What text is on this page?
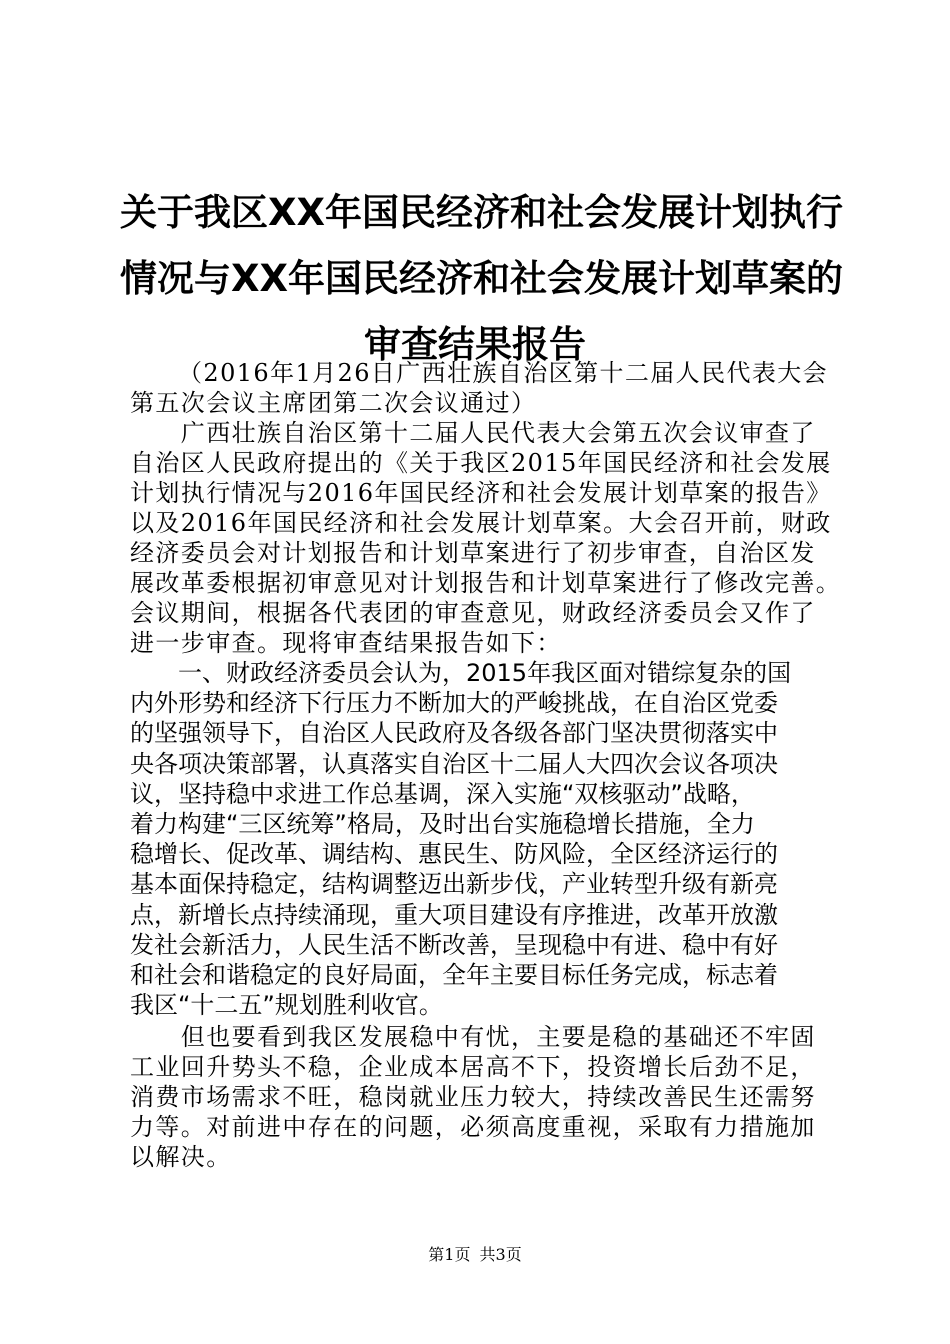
关于我区XX年国民经济和社会发展计划执行
情况与XX年国民经济和社会发展计划草案的
审查结果报告

（2016年1月26日广西壮族自治区第十二届人民代表大会
第五次会议主席团第二次会议通过）

　　广西壮族自治区第十二届人民代表大会第五次会议审查了
自治区人民政府提出的《关于我区2015年国民经济和社会发展
计划执行情况与2016年国民经济和社会发展计划草案的报告》
以及2016年国民经济和社会发展计划草案。大会召开前，财政
经济委员会对计划报告和计划草案进行了初步审查，自治区发
展改革委根据初审意见对计划报告和计划草案进行了修改完善。
会议期间，根据各代表团的审查意见，财政经济委员会又作了
进一步审查。现将审查结果报告如下：

　　一、财政经济委员会认为，2015年我区面对错综复杂的国
内外形势和经济下行压力不断加大的严峻挑战，在自治区党委
的坚强领导下，自治区人民政府及各级各部门坚决贯彻落实中
央各项决策部署，认真落实自治区十二届人大四次会议各项决
议，坚持稳中求进工作总基调，深入实施“双核驱动”战略，
着力构建“三区统筹”格局，及时出台实施稳增长措施，全力
稳增长、促改革、调结构、惠民生、防风险，全区经济运行的
基本面保持稳定，结构调整迈出新步伐，产业转型升级有新亮
点，新增长点持续涌现，重大项目建设有序推进，改革开放激
发社会新活力，人民生活不断改善，呈现稳中有进、稳中有好
和社会和谐稳定的良好局面，全年主要目标任务完成，标志着
我区“十二五”规划胜利收官。

　　但也要看到我区发展稳中有忧，主要是稳的基础还不牢固
工业回升势头不稳，企业成本居高不下，投资增长后劲不足，
消费市场需求不旺，稳岗就业压力较大，持续改善民生还需努
力等。对前进中存在的问题，必须高度重视，采取有力措施加
以解决。

第1页 共3页
